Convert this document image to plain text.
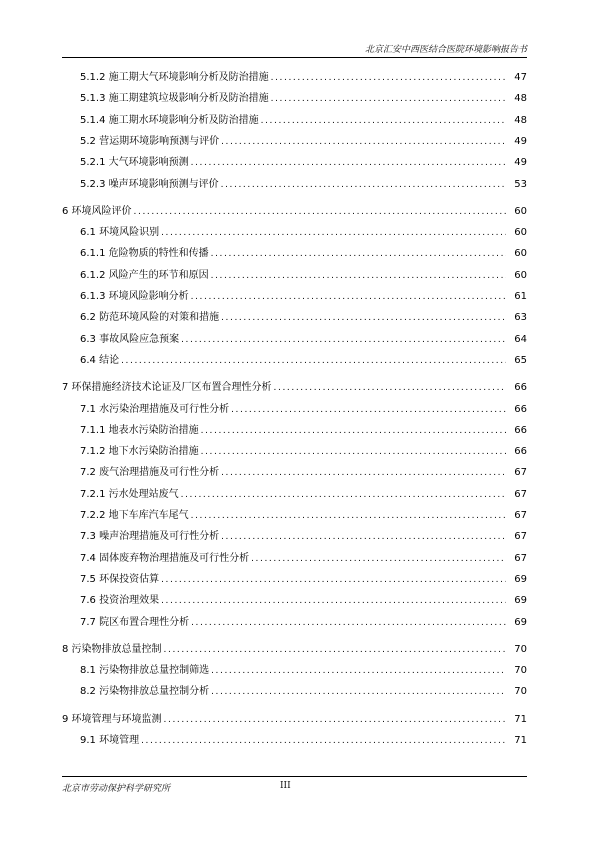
北京汇安中西医结合医院环境影响报告书
5.1.2 施工期大气环境影响分析及防治措施 .....	47
5.1.3 施工期建筑垃圾影响分析及防治措施 .....	48
5.1.4 施工期水环境影响分析及防治措施 .....	48
5.2 营运期环境影响预测与评价 .....	49
5.2.1 大气环境影响预测 .....	49
5.2.3 噪声环境影响预测与评价 .....	53
6 环境风险评价 .....	60
6.1 环境风险识别 .....	60
6.1.1 危险物质的特性和传播 .....	60
6.1.2 风险产生的环节和原因 .....	60
6.1.3 环境风险影响分析 .....	61
6.2 防范环境风险的对策和措施 .....	63
6.3 事故风险应急预案 .....	64
6.4 结论 .....	65
7 环保措施经济技术论证及厂区布置合理性分析 .....	66
7.1 水污染治理措施及可行性分析 .....	66
7.1.1 地表水污染防治措施 .....	66
7.1.2 地下水污染防治措施 .....	66
7.2 废气治理措施及可行性分析 .....	67
7.2.1 污水处理站废气 .....	67
7.2.2 地下车库汽车尾气 .....	67
7.3 噪声治理措施及可行性分析 .....	67
7.4 固体废弃物治理措施及可行性分析 .....	67
7.5 环保投资估算 .....	69
7.6 投资治理效果 .....	69
7.7 院区布置合理性分析 .....	69
8 污染物排放总量控制 .....	70
8.1 污染物排放总量控制筛选 .....	70
8.2 污染物排放总量控制分析 .....	70
9 环境管理与环境监测 .....	71
9.1 环境管理 .....	71
北京市劳动保护科学研究所	III
